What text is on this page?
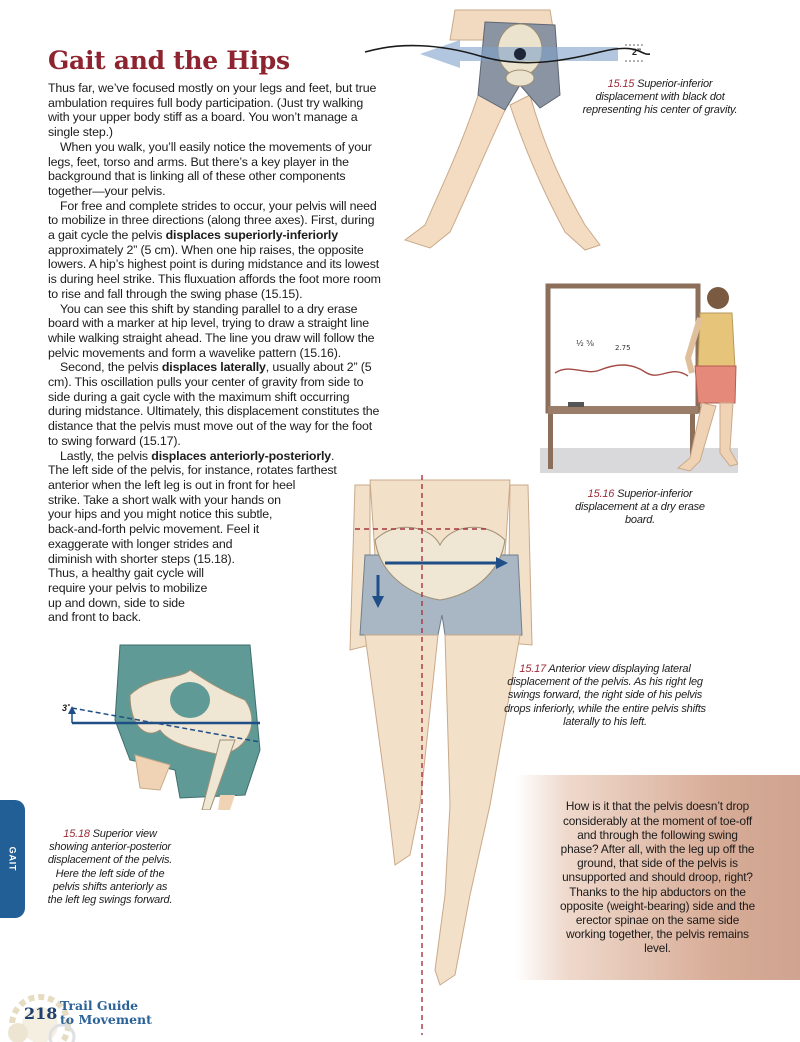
Gait and the Hips

Thus far, we’ve focused mostly on your legs and feet, but true ambulation requires full body participation. (Just try walking with your upper body stiff as a board. You won’t manage a single step.)

When you walk, you’ll easily notice the movements of your legs, feet, torso and arms. But there’s a key player in the background that is linking all of these other components together—your pelvis.

For free and complete strides to occur, your pelvis will need to mobilize in three directions (along three axes). First, during a gait cycle the pelvis displaces superiorly-inferiorly approximately 2” (5 cm). When one hip raises, the opposite lowers. A hip’s highest point is during midstance and its lowest is during heel strike. This fluxuation affords the foot more room to rise and fall through the swing phase (15.15).

You can see this shift by standing parallel to a dry erase board with a marker at hip level, trying to draw a straight line while walking straight ahead. The line you draw will follow the pelvic movements and form a wavelike pattern (15.16).

Second, the pelvis displaces laterally, usually about 2” (5 cm). This oscillation pulls your center of gravity from side to side during a gait cycle with the maximum shift occurring during midstance. Ultimately, this displacement constitutes the distance that the pelvis must move out of the way for the foot to swing forward (15.17).

Lastly, the pelvis displaces anteriorly-posteriorly.

The left side of the pelvis, for instance, rotates farthest

anterior when the left leg is out in front for heel

strike. Take a short walk with your hands on

your hips and you might notice this subtle,

back-and-forth pelvic movement. Feel it

exaggerate with longer strides and

diminish with shorter steps (15.18).

Thus, a healthy gait cycle will

require your pelvis to mobilize

up and down, side to side

and front to back.

2”
15.15 Superior-inferior displacement with black dot representing his center of gravity.
½ ⅝	2.75
15.16 Superior-inferior displacement at a dry erase board.
15.17 Anterior view displaying lateral displacement of the pelvis. As his right leg swings forward, the right side of his pelvis drops inferiorly, while the entire pelvis shifts laterally to his left.
3˚
15.18 Superior view showing anterior-posterior displacement of the pelvis. Here the left side of the pelvis shifts anteriorly as the left leg swings forward.
GAIT

How is it that the pelvis doesn’t drop considerably at the moment of toe-off and through the following swing phase? After all, with the leg up off the ground, that side of the pelvis is unsupported and should droop, right? Thanks to the hip abductors on the opposite (weight-bearing) side and the erector spinae on the same side working together, the pelvis remains level.

218 Trail Guide
to Movement
